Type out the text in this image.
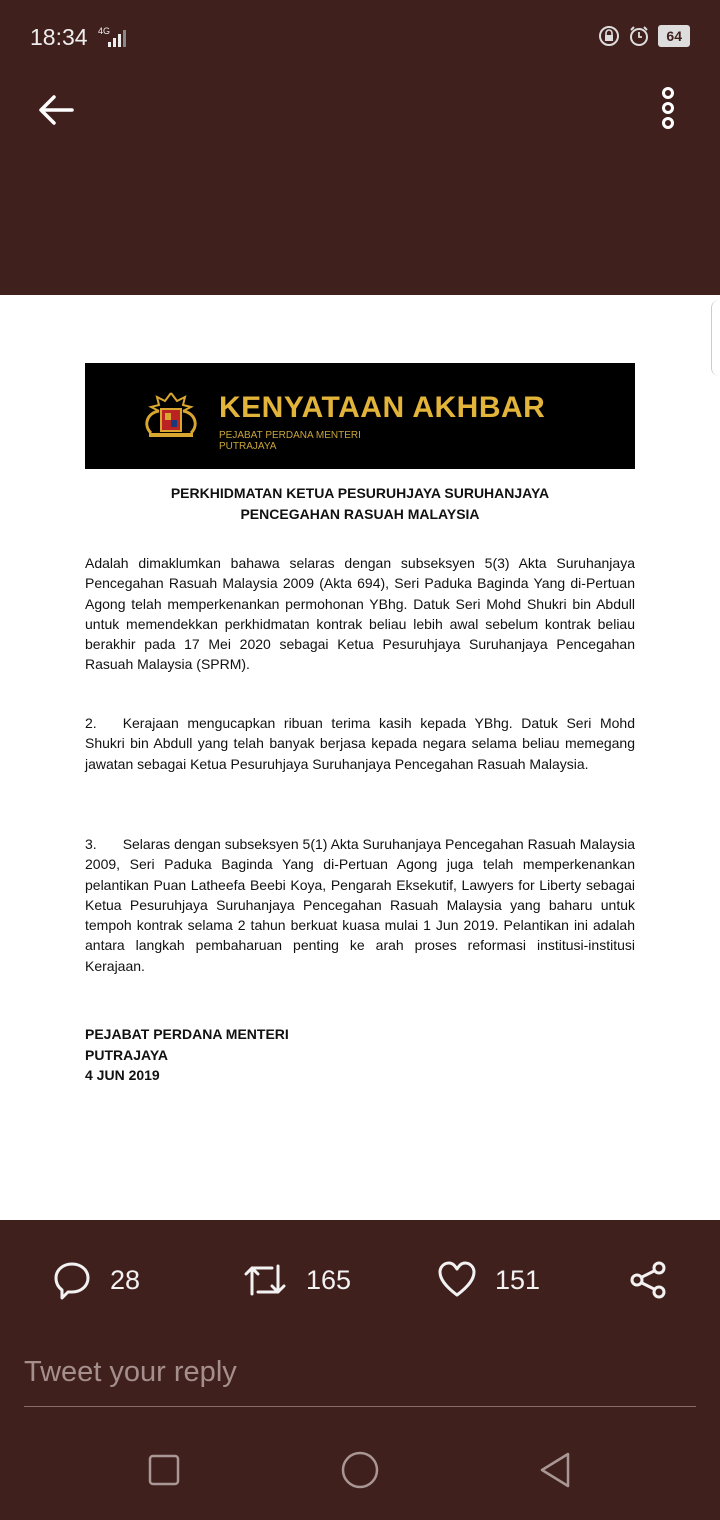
18:34 4G	64
KENYATAAN AKHBAR
PEJABAT PERDANA MENTERI
PUTRAJAYA
PERKHIDMATAN KETUA PESURUHJAYA SURUHANJAYA
PENCEGAHAN RASUAH MALAYSIA
Adalah dimaklumkan bahawa selaras dengan subseksyen 5(3) Akta Suruhanjaya Pencegahan Rasuah Malaysia 2009 (Akta 694), Seri Paduka Baginda Yang di-Pertuan Agong telah memperkenankan permohonan YBhg. Datuk Seri Mohd Shukri bin Abdull untuk memendekkan perkhidmatan kontrak beliau lebih awal sebelum kontrak beliau berakhir pada 17 Mei 2020 sebagai Ketua Pesuruhjaya Suruhanjaya Pencegahan Rasuah Malaysia (SPRM).
2. Kerajaan mengucapkan ribuan terima kasih kepada YBhg. Datuk Seri Mohd Shukri bin Abdull yang telah banyak berjasa kepada negara selama beliau memegang jawatan sebagai Ketua Pesuruhjaya Suruhanjaya Pencegahan Rasuah Malaysia.
3. Selaras dengan subseksyen 5(1) Akta Suruhanjaya Pencegahan Rasuah Malaysia 2009, Seri Paduka Baginda Yang di-Pertuan Agong juga telah memperkenankan pelantikan Puan Latheefa Beebi Koya, Pengarah Eksekutif, Lawyers for Liberty sebagai Ketua Pesuruhjaya Suruhanjaya Pencegahan Rasuah Malaysia yang baharu untuk tempoh kontrak selama 2 tahun berkuat kuasa mulai 1 Jun 2019. Pelantikan ini adalah antara langkah pembaharuan penting ke arah proses reformasi institusi-institusi Kerajaan.
PEJABAT PERDANA MENTERI
PUTRAJAYA
4 JUN 2019
28	165	151
Tweet your reply
